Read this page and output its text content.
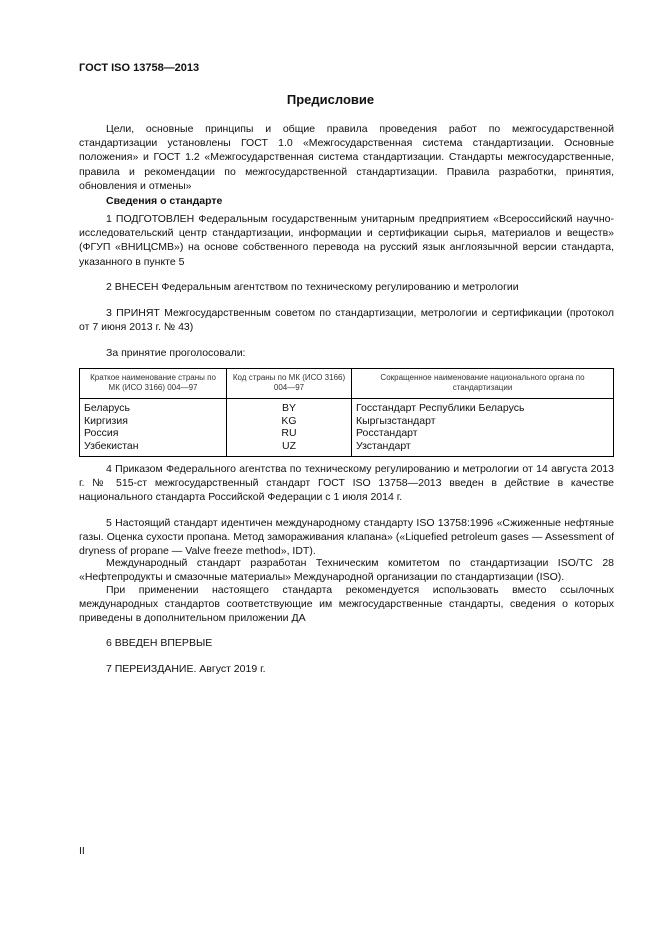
ГОСТ ISO 13758—2013
Предисловие

Цели, основные принципы и общие правила проведения работ по межгосударственной стандартизации установлены ГОСТ 1.0 «Межгосударственная система стандартизации. Основные положения» и ГОСТ 1.2 «Межгосударственная система стандартизации. Стандарты межгосударственные, правила и рекомендации по межгосударственной стандартизации. Правила разработки, принятия, обновления и отмены»

Сведения о стандарте

1 ПОДГОТОВЛЕН Федеральным государственным унитарным предприятием «Всероссийский научно-исследовательский центр стандартизации, информации и сертификации сырья, материалов и веществ» (ФГУП «ВНИЦСМВ») на основе собственного перевода на русский язык англоязычной версии стандарта, указанного в пункте 5

2 ВНЕСЕН Федеральным агентством по техническому регулированию и метрологии

3 ПРИНЯТ Межгосударственным советом по стандартизации, метрологии и сертификации (протокол от 7 июня 2013 г. № 43)

За принятие проголосовали:

Краткое наименование страны по МК (ИСО 3166) 004—97	Код страны по МК (ИСО 3166) 004—97	Сокращенное наименование национального органа по стандартизации
Беларусь	BY	Госстандарт Республики Беларусь
Киргизия	KG	Кыргызстандарт
Россия	RU	Росстандарт
Узбекистан	UZ	Узстандарт

4 Приказом Федерального агентства по техническому регулированию и метрологии от 14 августа 2013 г. № 515-ст межгосударственный стандарт ГОСТ ISO 13758—2013 введен в действие в качестве национального стандарта Российской Федерации с 1 июля 2014 г.

5 Настоящий стандарт идентичен международному стандарту ISO 13758:1996 «Сжиженные нефтяные газы. Оценка сухости пропана. Метод замораживания клапана» («Liquefied petroleum gases — Assessment of dryness of propane — Valve freeze method», IDT).

Международный стандарт разработан Техническим комитетом по стандартизации ISO/TC 28 «Нефтепродукты и смазочные материалы» Международной организации по стандартизации (ISO).

При применении настоящего стандарта рекомендуется использовать вместо ссылочных международных стандартов соответствующие им межгосударственные стандарты, сведения о которых приведены в дополнительном приложении ДА

6 ВВЕДЕН ВПЕРВЫЕ

7 ПЕРЕИЗДАНИЕ. Август 2019 г.

II
